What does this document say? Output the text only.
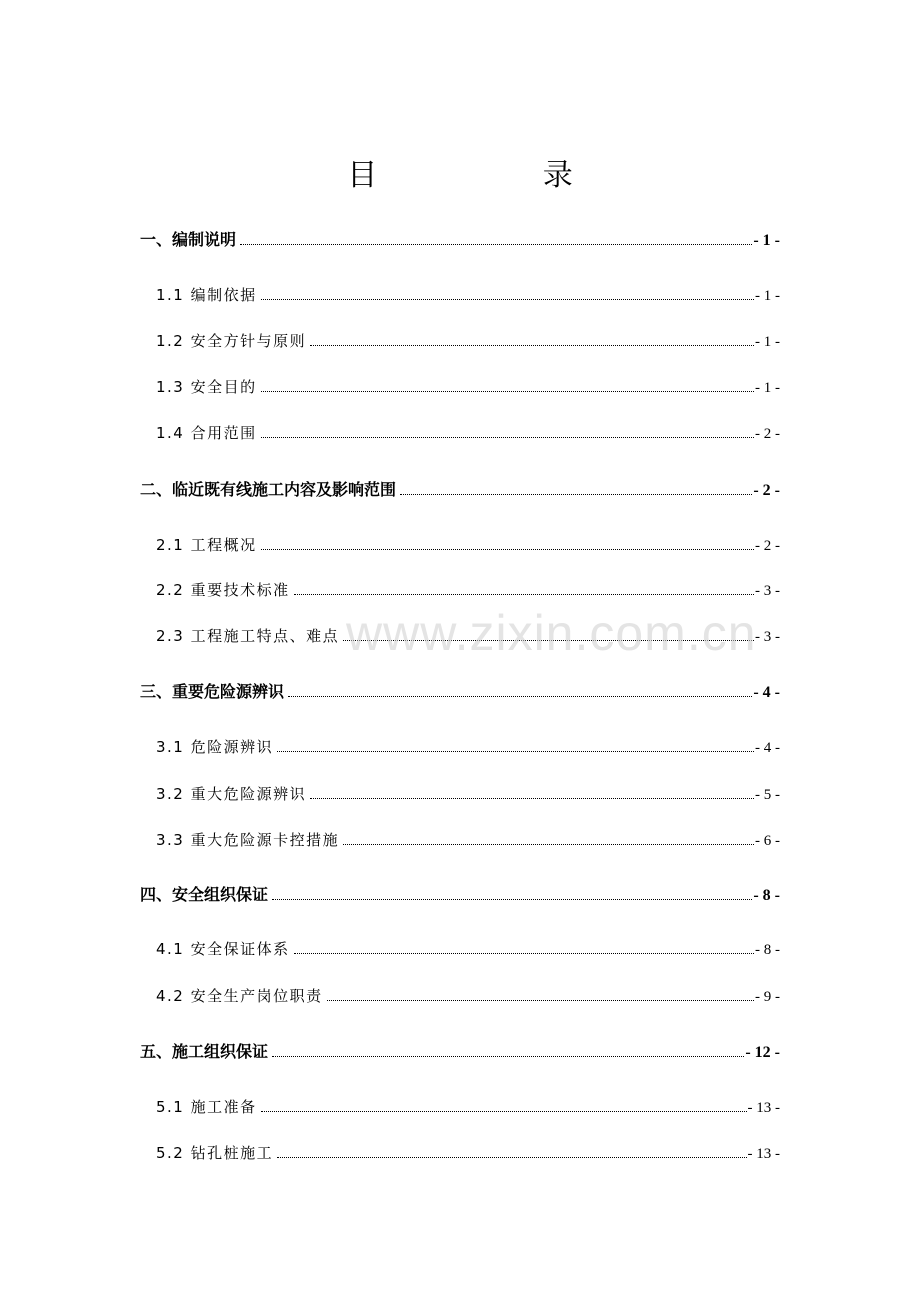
目 录
一、编制说明	- 1 -
1.1 编制依据	- 1 -
1.2 安全方针与原则	- 1 -
1.3 安全目的	- 1 -
1.4 合用范围	- 2 -
二、临近既有线施工内容及影响范围	- 2 -
2.1 工程概况	- 2 -
2.2 重要技术标准	- 3 -
2.3 工程施工特点、难点	- 3 -
三、重要危险源辨识	- 4 -
3.1 危险源辨识	- 4 -
3.2 重大危险源辨识	- 5 -
3.3 重大危险源卡控措施	- 6 -
四、安全组织保证	- 8 -
4.1 安全保证体系	- 8 -
4.2 安全生产岗位职责	- 9 -
五、施工组织保证	- 12 -
5.1 施工准备	- 13 -
5.2 钻孔桩施工	- 13 -
www.zixin.com.cn
